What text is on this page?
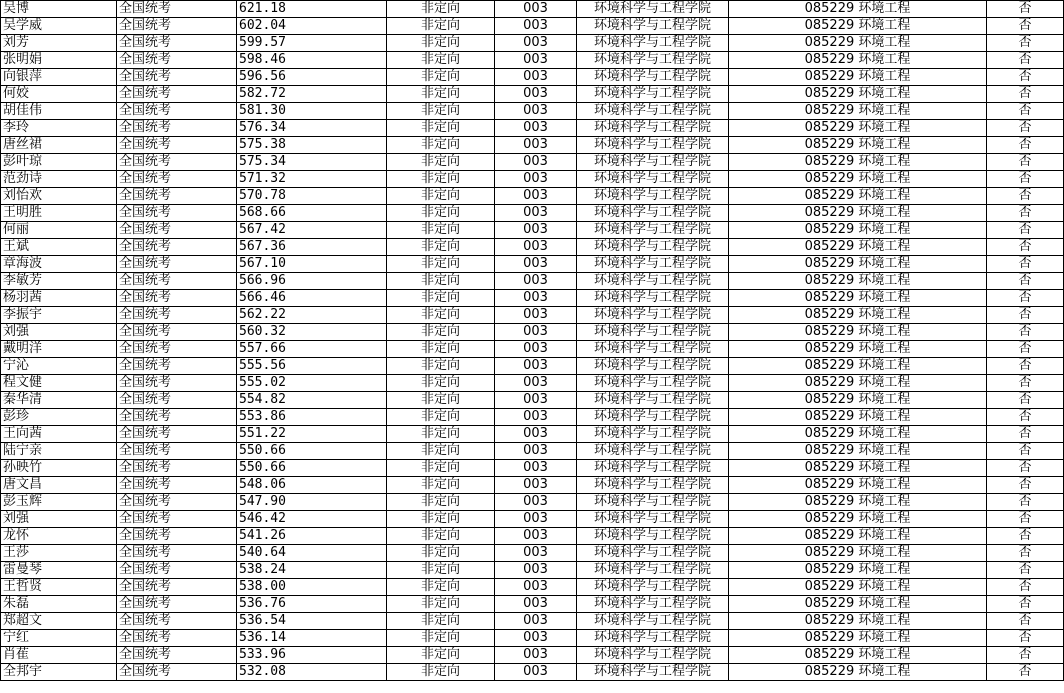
吴博	全国统考	621.18	非定向	003	环境科学与工程学院	085229 环境工程	否
吴学威	全国统考	602.04	非定向	003	环境科学与工程学院	085229 环境工程	否
刘芳	全国统考	599.57	非定向	003	环境科学与工程学院	085229 环境工程	否
张明娟	全国统考	598.46	非定向	003	环境科学与工程学院	085229 环境工程	否
向银萍	全国统考	596.56	非定向	003	环境科学与工程学院	085229 环境工程	否
何姣	全国统考	582.72	非定向	003	环境科学与工程学院	085229 环境工程	否
胡佳伟	全国统考	581.30	非定向	003	环境科学与工程学院	085229 环境工程	否
李玲	全国统考	576.34	非定向	003	环境科学与工程学院	085229 环境工程	否
唐丝裙	全国统考	575.38	非定向	003	环境科学与工程学院	085229 环境工程	否
彭叶琼	全国统考	575.34	非定向	003	环境科学与工程学院	085229 环境工程	否
范劲诗	全国统考	571.32	非定向	003	环境科学与工程学院	085229 环境工程	否
刘怡欢	全国统考	570.78	非定向	003	环境科学与工程学院	085229 环境工程	否
王明胜	全国统考	568.66	非定向	003	环境科学与工程学院	085229 环境工程	否
何丽	全国统考	567.42	非定向	003	环境科学与工程学院	085229 环境工程	否
王斌	全国统考	567.36	非定向	003	环境科学与工程学院	085229 环境工程	否
章海波	全国统考	567.10	非定向	003	环境科学与工程学院	085229 环境工程	否
李敏芳	全国统考	566.96	非定向	003	环境科学与工程学院	085229 环境工程	否
杨羽茜	全国统考	566.46	非定向	003	环境科学与工程学院	085229 环境工程	否
李振宇	全国统考	562.22	非定向	003	环境科学与工程学院	085229 环境工程	否
刘强	全国统考	560.32	非定向	003	环境科学与工程学院	085229 环境工程	否
戴明洋	全国统考	557.66	非定向	003	环境科学与工程学院	085229 环境工程	否
宁沁	全国统考	555.56	非定向	003	环境科学与工程学院	085229 环境工程	否
程文健	全国统考	555.02	非定向	003	环境科学与工程学院	085229 环境工程	否
秦华清	全国统考	554.82	非定向	003	环境科学与工程学院	085229 环境工程	否
彭珍	全国统考	553.86	非定向	003	环境科学与工程学院	085229 环境工程	否
王向茜	全国统考	551.22	非定向	003	环境科学与工程学院	085229 环境工程	否
陆宁亲	全国统考	550.66	非定向	003	环境科学与工程学院	085229 环境工程	否
孙映竹	全国统考	550.66	非定向	003	环境科学与工程学院	085229 环境工程	否
唐文昌	全国统考	548.06	非定向	003	环境科学与工程学院	085229 环境工程	否
彭玉辉	全国统考	547.90	非定向	003	环境科学与工程学院	085229 环境工程	否
刘强	全国统考	546.42	非定向	003	环境科学与工程学院	085229 环境工程	否
龙怀	全国统考	541.26	非定向	003	环境科学与工程学院	085229 环境工程	否
王莎	全国统考	540.64	非定向	003	环境科学与工程学院	085229 环境工程	否
雷曼琴	全国统考	538.24	非定向	003	环境科学与工程学院	085229 环境工程	否
王哲贤	全国统考	538.00	非定向	003	环境科学与工程学院	085229 环境工程	否
朱磊	全国统考	536.76	非定向	003	环境科学与工程学院	085229 环境工程	否
郑超文	全国统考	536.54	非定向	003	环境科学与工程学院	085229 环境工程	否
宁红	全国统考	536.14	非定向	003	环境科学与工程学院	085229 环境工程	否
肖萑	全国统考	533.96	非定向	003	环境科学与工程学院	085229 环境工程	否
全邦宇	全国统考	532.08	非定向	003	环境科学与工程学院	085229 环境工程	否
